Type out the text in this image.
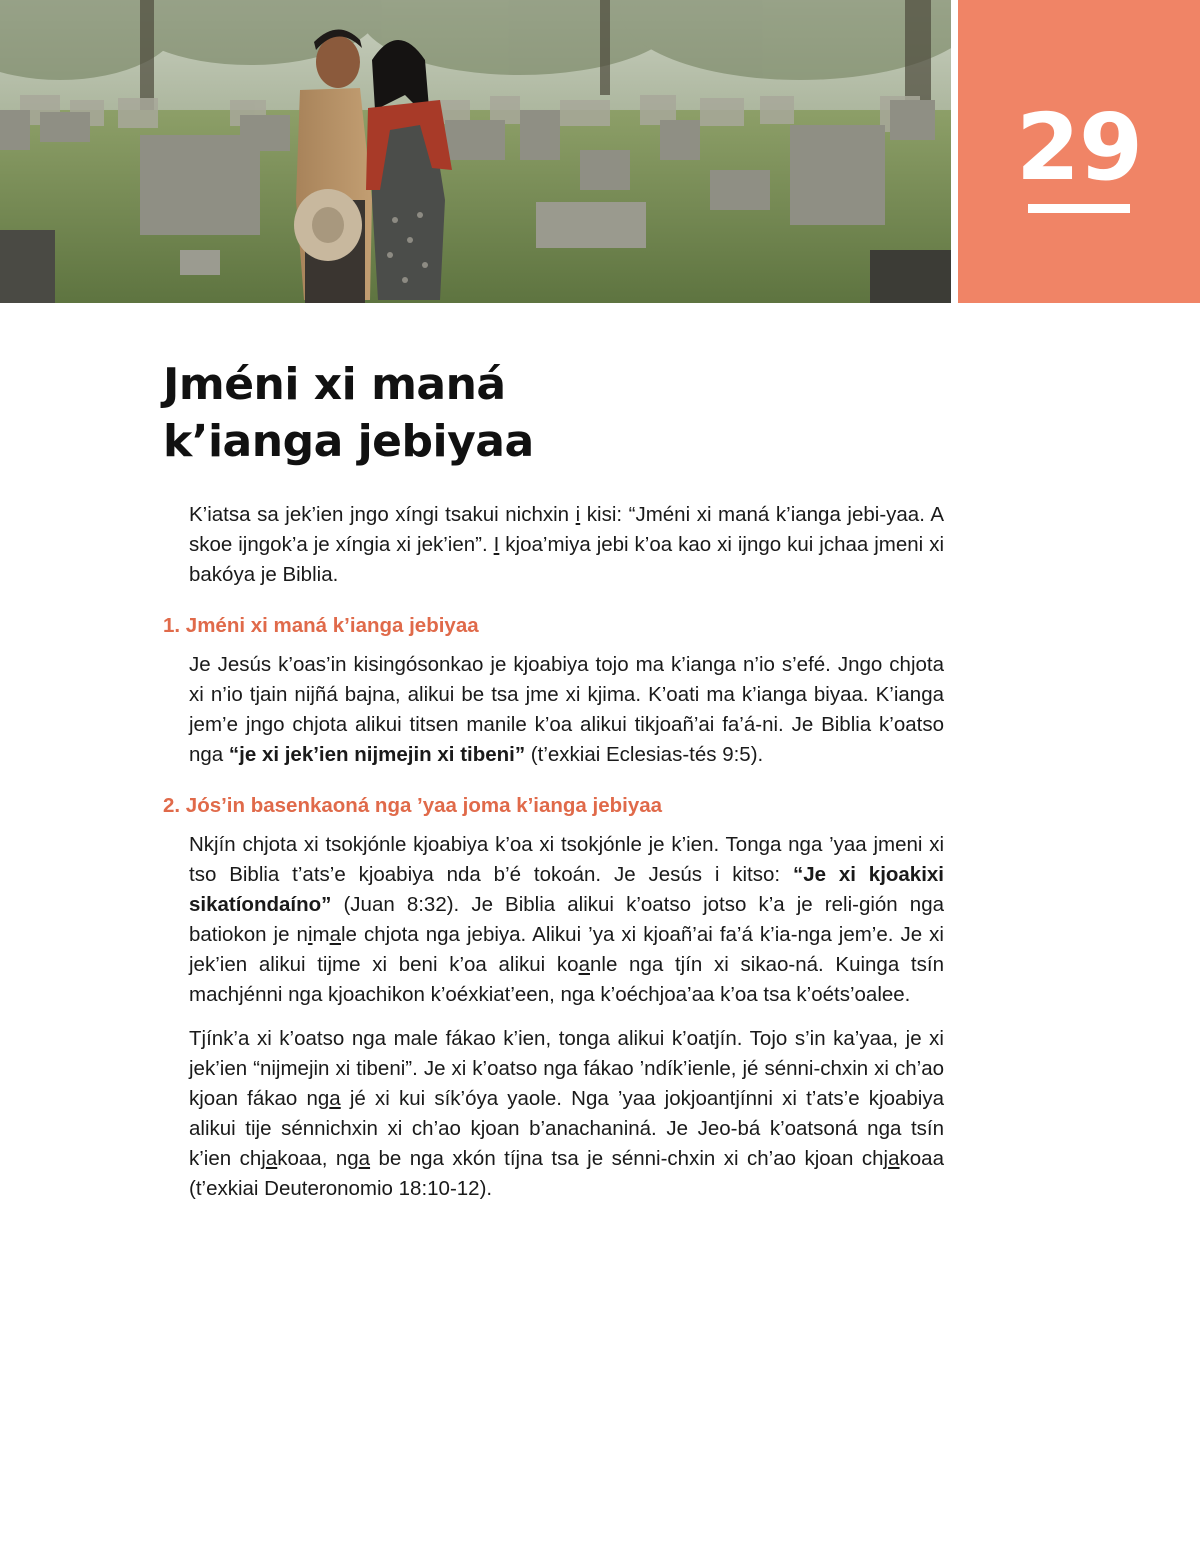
29
Jméni xi maná
k’ianga jebiyaa

K’iatsa sa jek’ien jngo xíngi tsakui nichxin i kisi: “Jméni xi maná k’ianga jebi-yaa. A skoe ijngok’a je xíngia xi jek’ien”. I kjoa’miya jebi k’oa kao xi ijngo kui jchaa jmeni xi bakóya je Biblia.

1. Jméni xi maná k’ianga jebiyaa

Je Jesús k’oas’in kisingósonkao je kjoabiya tojo ma k’ianga n’io s’efé. Jngo chjota xi n’io tjain nijñá bajna, alikui be tsa jme xi kjima. K’oati ma k’ianga biyaa. K’ianga jem’e jngo chjota alikui titsen manile k’oa alikui tikjoañ’ai fa’á-ni. Je Biblia k’oatso nga “je xi jek’ien nijmejin xi tibeni” (t’exkiai Eclesias-tés 9:5).

2. Jós’in basenkaoná nga ’yaa joma k’ianga jebiyaa

Nkjín chjota xi tsokjónle kjoabiya k’oa xi tsokjónle je k’ien. Tonga nga ’yaa jmeni xi tso Biblia t’ats’e kjoabiya nda b’é tokoán. Je Jesús i kitso: “Je xi kjoakixi sikatíondaíno” (Juan 8:32). Je Biblia alikui k’oatso jotso k’a je reli-gión nga batiokon je nimale chjota nga jebiya. Alikui ’ya xi kjoañ’ai fa’á k’ia-nga jem’e. Je xi jek’ien alikui tijme xi beni k’oa alikui koanle nga tjín xi sikao-ná. Kuinga tsín machjénni nga kjoachikon k’oéxkiat’een, nga k’oéchjoa’aa k’oa tsa k’oéts’oalee.

Tjínk’a xi k’oatso nga male fákao k’ien, tonga alikui k’oatjín. Tojo s’in ka’yaa, je xi jek’ien “nijmejin xi tibeni”. Je xi k’oatso nga fákao ’ndík’ienle, jé sénni-chxin xi ch’ao kjoan fákao nga jé xi kui sík’óya yaole. Nga ’yaa jokjoantjínni xi t’ats’e kjoabiya alikui tije sénnichxin xi ch’ao kjoan b’anachaniná. Je Jeo-bá k’oatsoná nga tsín k’ien chjakoaa, nga be nga xkón tíjna tsa je sénni-chxin xi ch’ao kjoan chjakoaa (t’exkiai Deuteronomio 18:10-12).
